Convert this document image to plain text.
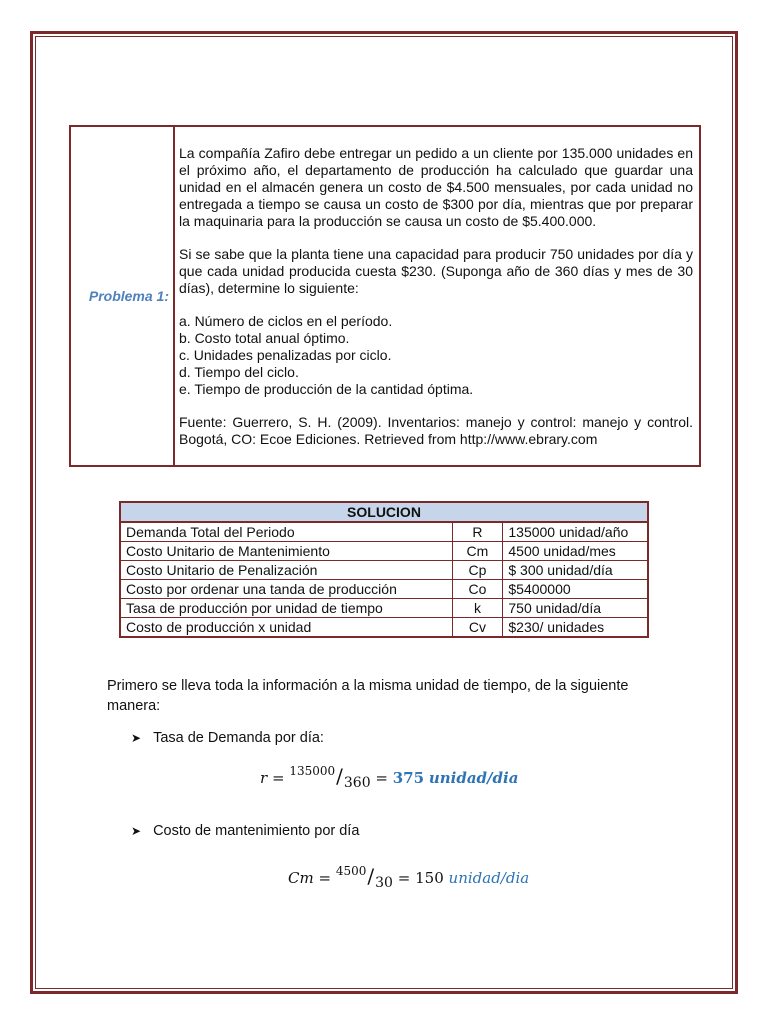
Problema 1:	

La compañía Zafiro debe entregar un pedido a un cliente por 135.000 unidades en el próximo año, el departamento de producción ha calculado que guardar una unidad en el almacén genera un costo de $4.500 mensuales, por cada unidad no entregada a tiempo se causa un costo de $300 por día, mientras que por preparar la maquinaria para la producción se causa un costo de $5.400.000.

Si se sabe que la planta tiene una capacidad para producir 750 unidades por día y que cada unidad producida cuesta $230. (Suponga año de 360 días y mes de 30 días), determine lo siguiente:

a. Número de ciclos en el período.
b. Costo total anual óptimo.
c. Unidades penalizadas por ciclo.
d. Tiempo del ciclo.
e. Tiempo de producción de la cantidad óptima.

Fuente: Guerrero, S. H. (2009). Inventarios: manejo y control: manejo y control. Bogotá, CO: Ecoe Ediciones. Retrieved from http://www.ebrary.com

SOLUCION		
Demanda Total del Periodo	R	135000 unidad/año
Costo Unitario de Mantenimiento	Cm	4500 unidad/mes
Costo Unitario de Penalización	Cp	$ 300 unidad/día
Costo por ordenar una tanda de producción	Co	$5400000
Tasa de producción por unidad de tiempo	k	750 unidad/día
Costo de producción x unidad	Cv	$230/ unidades
Primero se lleva toda la información a la misma unidad de tiempo, de la siguiente manera:
➤ Tasa de Demanda por día:
$r = ^{135000}/_{360} = 375$ unidad/dia
➤ Costo de mantenimiento por día
$Cm = ^{4500}/_{30} = 150$ unidad/dia
